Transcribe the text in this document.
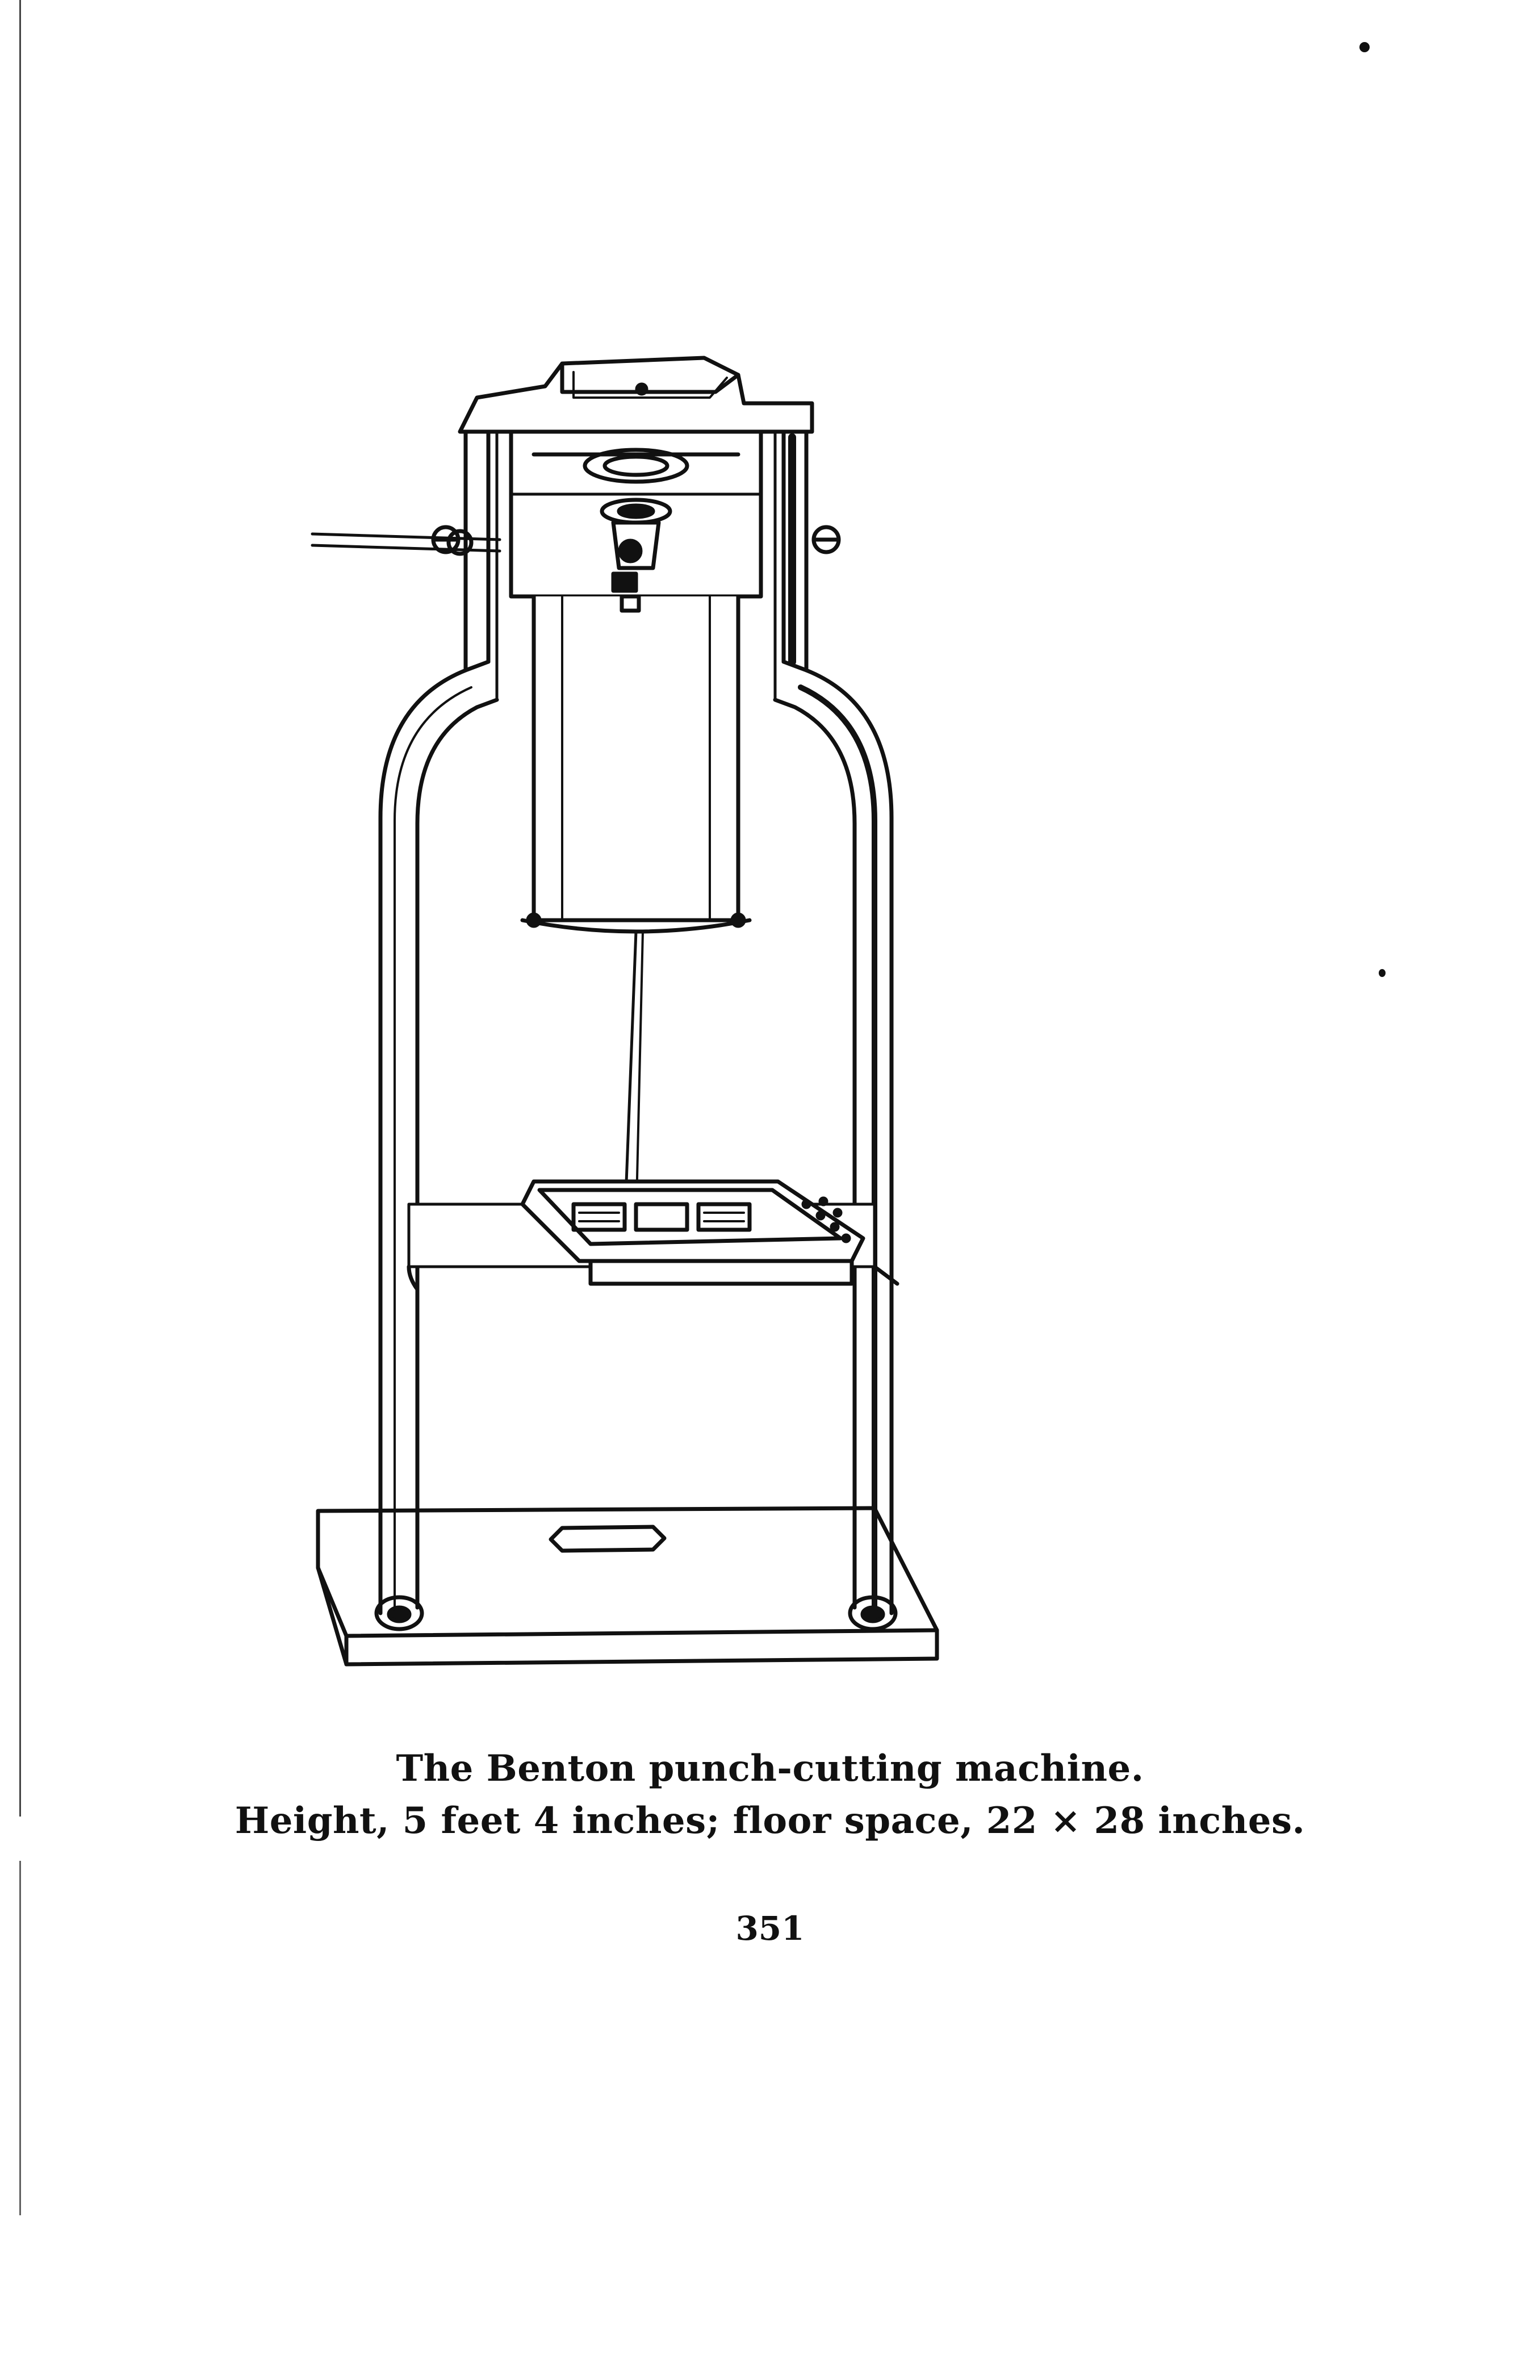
The Benton punch-cutting machine.
Height, 5 feet 4 inches; floor space, 22 × 28 inches.
351
